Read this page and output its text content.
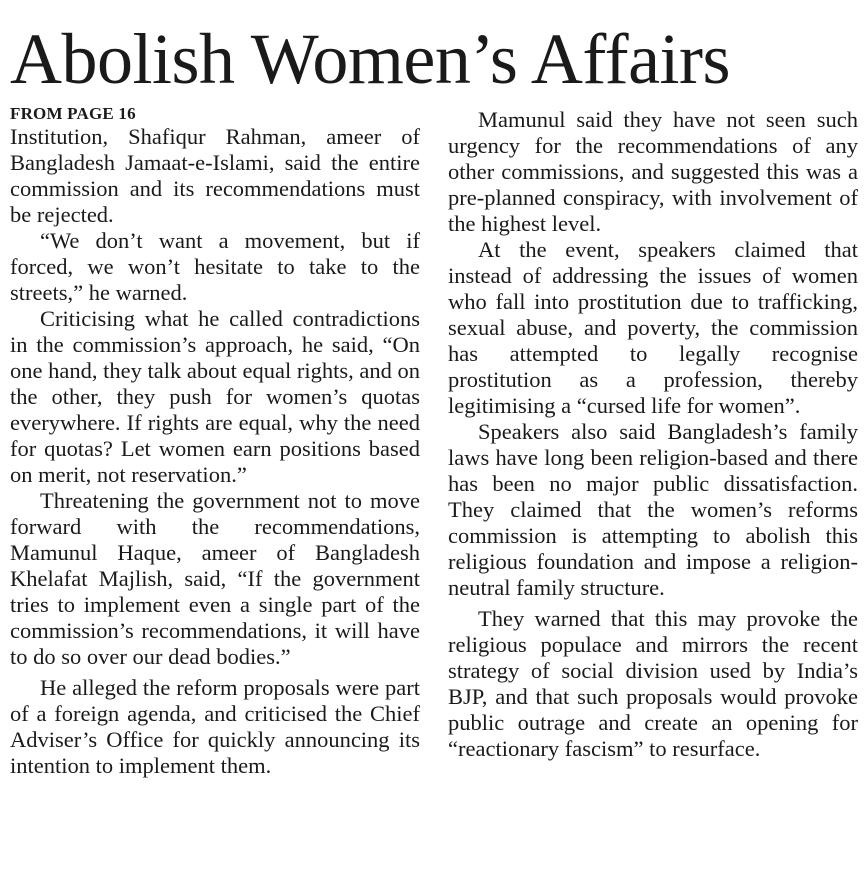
Abolish Women’s Affairs
FROM PAGE 16

Institution, Shafiqur Rahman, ameer of Bangladesh Jamaat-e-Islami, said the entire commission and its recommendations must be rejected.

“We don’t want a movement, but if forced, we won’t hesitate to take to the streets,” he warned.

Criticising what he called contradictions in the commission’s approach, he said, “On one hand, they talk about equal rights, and on the other, they push for women’s quotas everywhere. If rights are equal, why the need for quotas? Let women earn positions based on merit, not reservation.”

Threatening the government not to move forward with the recommendations, Mamunul Haque, ameer of Bangladesh Khelafat Majlish, said, “If the government tries to implement even a single part of the commission’s recommendations, it will have to do so over our dead bodies.”

He alleged the reform proposals were part of a foreign agenda, and criticised the Chief Adviser’s Office for quickly announcing its intention to implement them.

Mamunul said they have not seen such urgency for the recommendations of any other commissions, and suggested this was a pre-planned conspiracy, with involvement of the highest level.

At the event, speakers claimed that instead of addressing the issues of women who fall into prostitution due to trafficking, sexual abuse, and poverty, the commission has attempted to legally recognise prostitution as a profession, thereby legitimising a “cursed life for women”.

Speakers also said Bangladesh’s family laws have long been religion-based and there has been no major public dissatisfaction. They claimed that the women’s reforms commission is attempting to abolish this religious foundation and impose a religion-neutral family structure.

They warned that this may provoke the religious populace and mirrors the recent strategy of social division used by India’s BJP, and that such proposals would provoke public outrage and create an opening for “reactionary fascism” to resurface.
